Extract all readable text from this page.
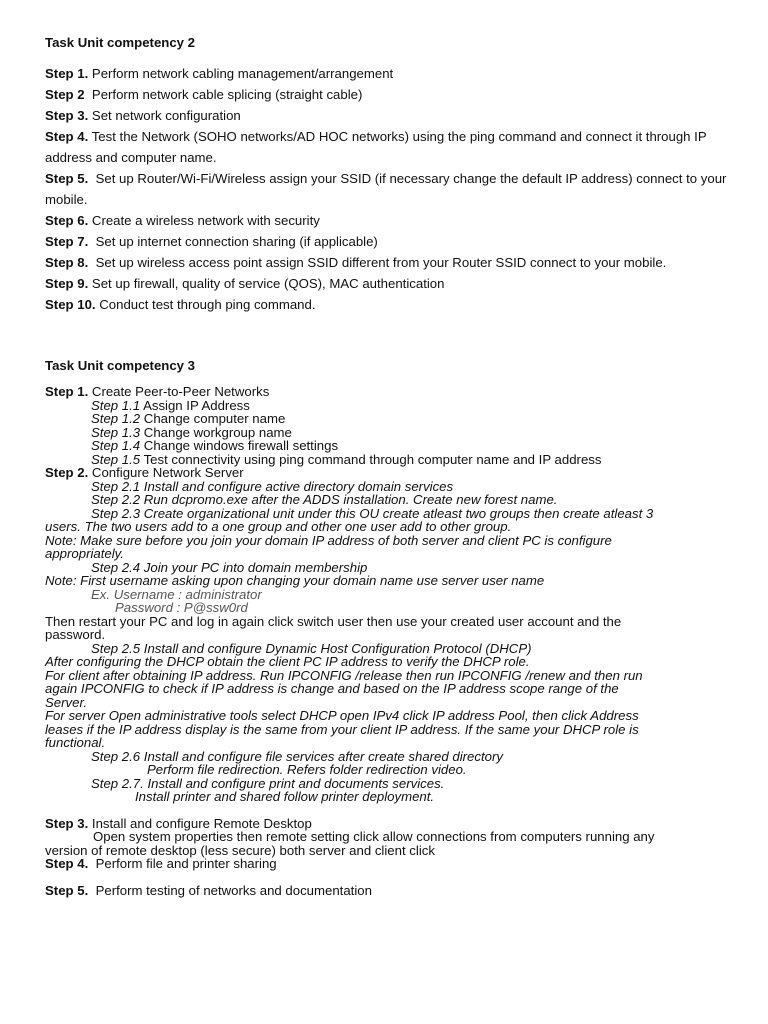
Task Unit competency 2
Step 1. Perform network cabling management/arrangement
Step 2 Perform network cable splicing (straight cable)
Step 3. Set network configuration
Step 4. Test the Network (SOHO networks/AD HOC networks) using the ping command and connect it through IP address and computer name.
Step 5. Set up Router/Wi-Fi/Wireless assign your SSID (if necessary change the default IP address) connect to your mobile.
Step 6. Create a wireless network with security
Step 7. Set up internet connection sharing (if applicable)
Step 8. Set up wireless access point assign SSID different from your Router SSID connect to your mobile.
Step 9. Set up firewall, quality of service (QOS), MAC authentication
Step 10. Conduct test through ping command.
Task Unit competency 3
Step 1. Create Peer-to-Peer Networks
Step 1.1 Assign IP Address
Step 1.2 Change computer name
Step 1.3 Change workgroup name
Step 1.4 Change windows firewall settings
Step 1.5 Test connectivity using ping command through computer name and IP address
Step 2. Configure Network Server
Step 2.1 Install and configure active directory domain services
Step 2.2 Run dcpromo.exe after the ADDS installation. Create new forest name.
Step 2.3 Create organizational unit under this OU create atleast two groups then create atleast 3
users. The two users add to a one group and other one user add to other group.
Note: Make sure before you join your domain IP address of both server and client PC is configure
appropriately.
Step 2.4 Join your PC into domain membership
Note: First username asking upon changing your domain name use server user name
Ex. Username : administrator
Password : P@ssw0rd
Then restart your PC and log in again click switch user then use your created user account and the
password.
Step 2.5 Install and configure Dynamic Host Configuration Protocol (DHCP)
After configuring the DHCP obtain the client PC IP address to verify the DHCP role.
For client after obtaining IP address. Run IPCONFIG /release then run IPCONFIG /renew and then run
again IPCONFIG to check if IP address is change and based on the IP address scope range of the
Server.
For server Open administrative tools select DHCP open IPv4 click IP address Pool, then click Address
leases if the IP address display is the same from your client IP address. If the same your DHCP role is
functional.
Step 2.6 Install and configure file services after create shared directory
Perform file redirection. Refers folder redirection video.
Step 2.7. Install and configure print and documents services.
Install printer and shared follow printer deployment.
Step 3. Install and configure Remote Desktop
Open system properties then remote setting click allow connections from computers running any
version of remote desktop (less secure) both server and client click
Step 4. Perform file and printer sharing
Step 5. Perform testing of networks and documentation
